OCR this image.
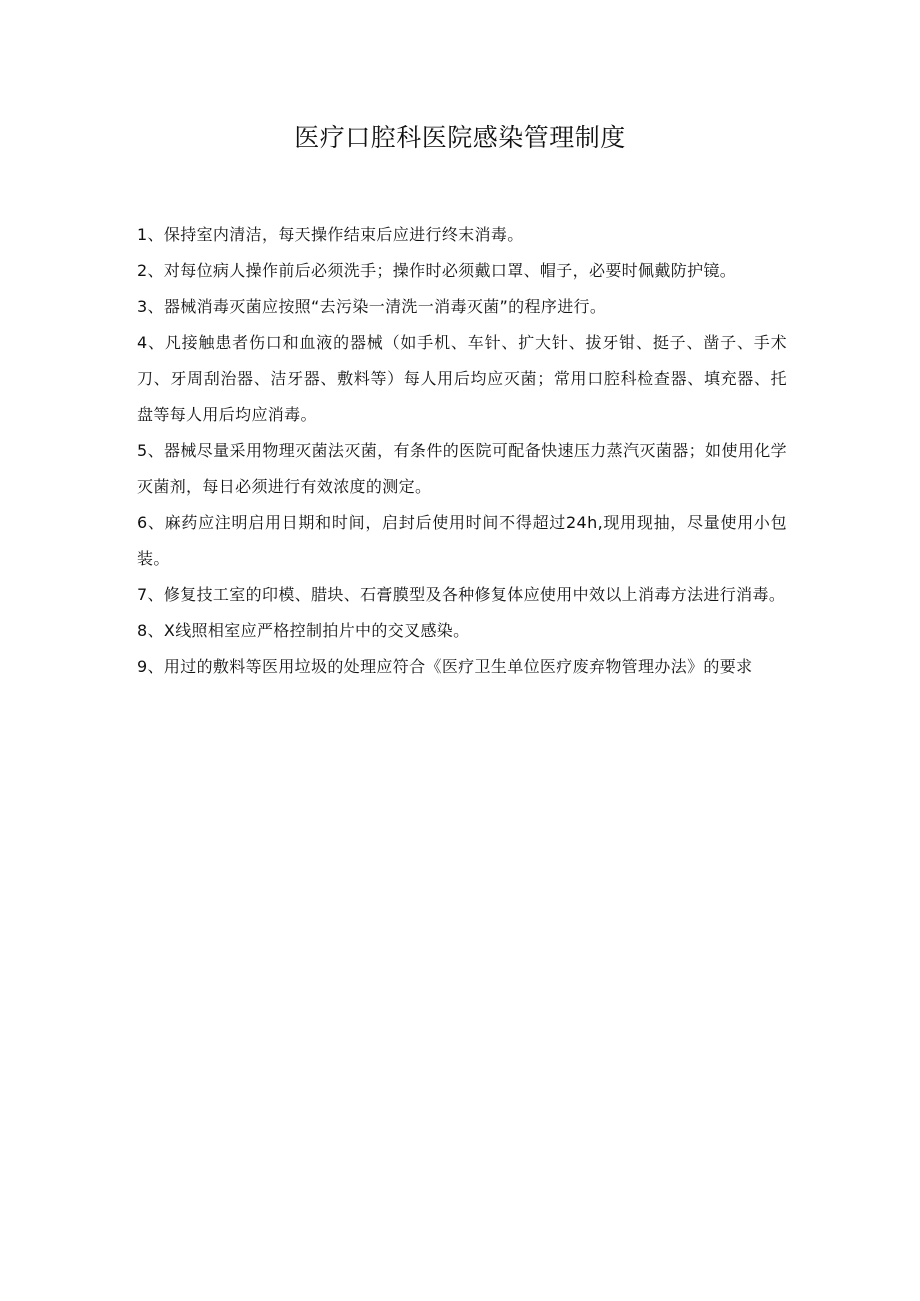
医疗口腔科医院感染管理制度
1、保持室内清洁，每天操作结束后应进行终末消毒。
2、对每位病人操作前后必须洗手；操作时必须戴口罩、帽子，必要时佩戴防护镜。
3、器械消毒灭菌应按照“去污染一清洗一消毒灭菌”的程序进行。
4、凡接触患者伤口和血液的器械（如手机、车针、扩大针、拔牙钳、挺子、凿子、手术刀、牙周刮治器、洁牙器、敷料等）每人用后均应灭菌；常用口腔科检查器、填充器、托盘等每人用后均应消毒。
5、器械尽量采用物理灭菌法灭菌，有条件的医院可配备快速压力蒸汽灭菌器；如使用化学灭菌剂，每日必须进行有效浓度的测定。
6、麻药应注明启用日期和时间，启封后使用时间不得超过24h,现用现抽，尽量使用小包装。
7、修复技工室的印模、腊块、石膏膜型及各种修复体应使用中效以上消毒方法进行消毒。
8、X线照相室应严格控制拍片中的交叉感染。
9、用过的敷料等医用垃圾的处理应符合《医疗卫生单位医疗废弃物管理办法》的要求
